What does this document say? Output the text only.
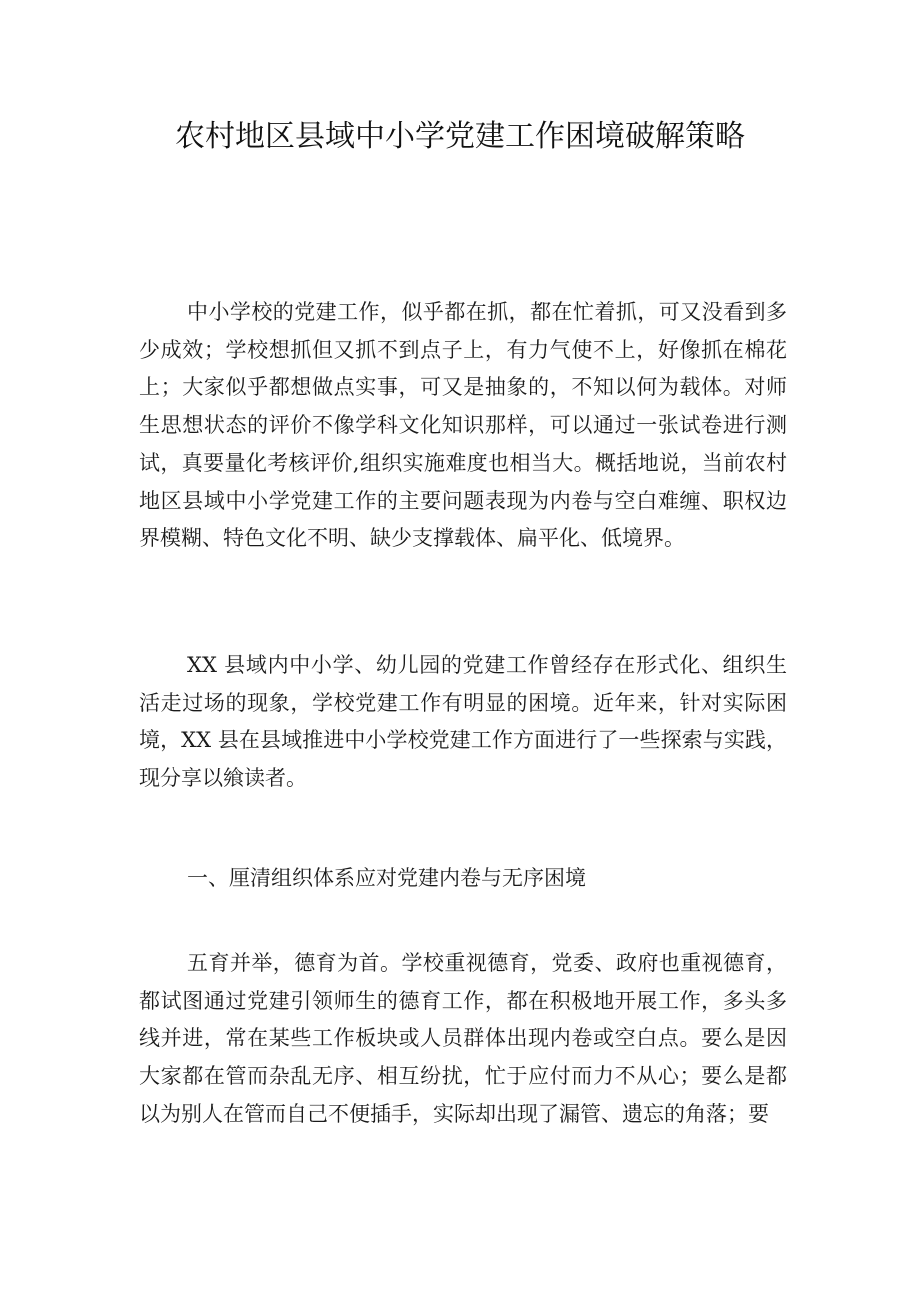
农村地区县域中小学党建工作困境破解策略

中小学校的党建工作，似乎都在抓，都在忙着抓，可又没看到多少成效；学校想抓但又抓不到点子上，有力气使不上，好像抓在棉花上；大家似乎都想做点实事，可又是抽象的，不知以何为载体。对师生思想状态的评价不像学科文化知识那样，可以通过一张试卷进行测试，真要量化考核评价,组织实施难度也相当大。概括地说，当前农村地区县域中小学党建工作的主要问题表现为内卷与空白难缠、职权边界模糊、特色文化不明、缺少支撑载体、扁平化、低境界。

XX 县域内中小学、幼儿园的党建工作曾经存在形式化、组织生活走过场的现象，学校党建工作有明显的困境。近年来，针对实际困境，XX 县在县域推进中小学校党建工作方面进行了一些探索与实践，现分享以飨读者。

一、厘清组织体系应对党建内卷与无序困境

五育并举，德育为首。学校重视德育，党委、政府也重视德育，都试图通过党建引领师生的德育工作，都在积极地开展工作，多头多线并进，常在某些工作板块或人员群体出现内卷或空白点。要么是因大家都在管而杂乱无序、相互纷扰，忙于应付而力不从心；要么是都以为别人在管而自己不便插手，实际却出现了漏管、遗忘的角落；要
